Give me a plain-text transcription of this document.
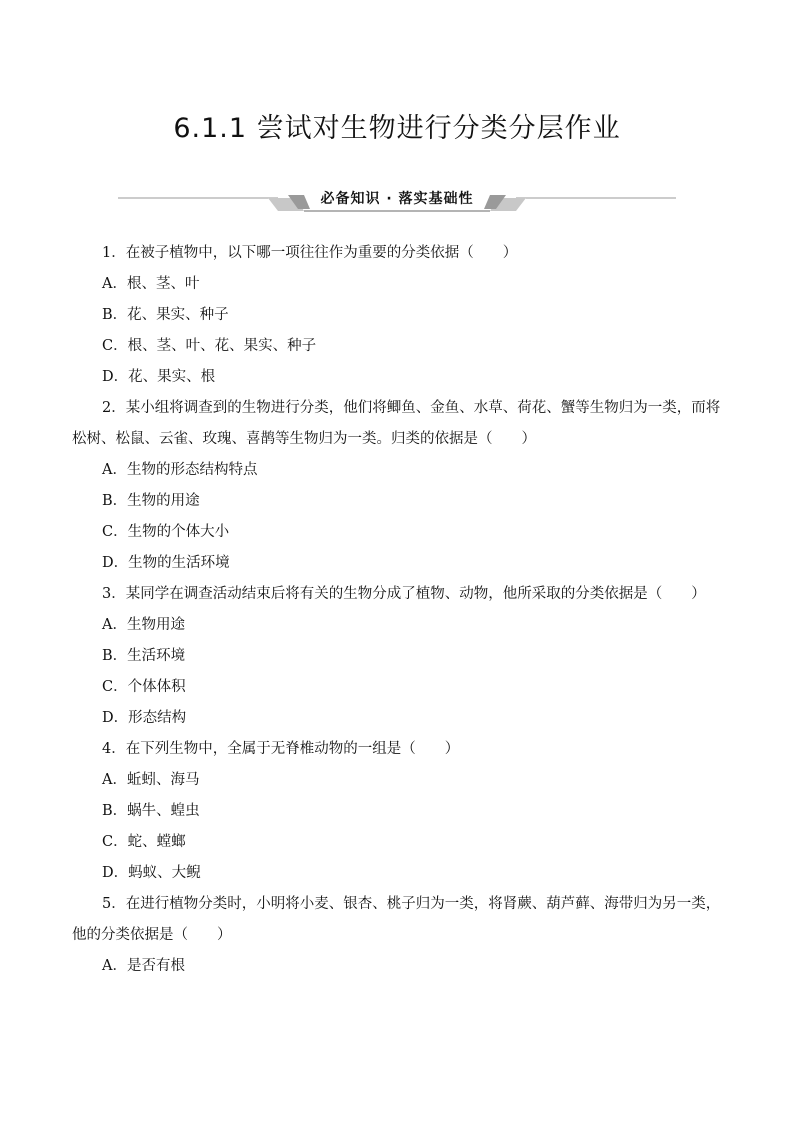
6.1.1 尝试对生物进行分类分层作业
必备知识 · 落实基础性

1．在被子植物中，以下哪一项往往作为重要的分类依据（　　）

A．根、茎、叶

B．花、果实、种子

C．根、茎、叶、花、果实、种子

D．花、果实、根

2．某小组将调查到的生物进行分类，他们将鲫鱼、金鱼、水草、荷花、蟹等生物归为一类，而将松树、松鼠、云雀、玫瑰、喜鹊等生物归为一类。归类的依据是（　　）

A．生物的形态结构特点

B．生物的用途

C．生物的个体大小

D．生物的生活环境

3．某同学在调查活动结束后将有关的生物分成了植物、动物，他所采取的分类依据是（　　）

A．生物用途

B．生活环境

C．个体体积

D．形态结构

4．在下列生物中，全属于无脊椎动物的一组是（　　）

A．蚯蚓、海马

B．蜗牛、蝗虫

C．蛇、螳螂

D．蚂蚁、大鲵

5．在进行植物分类时，小明将小麦、银杏、桃子归为一类，将肾蕨、葫芦藓、海带归为另一类，他的分类依据是（　　）

A．是否有根
